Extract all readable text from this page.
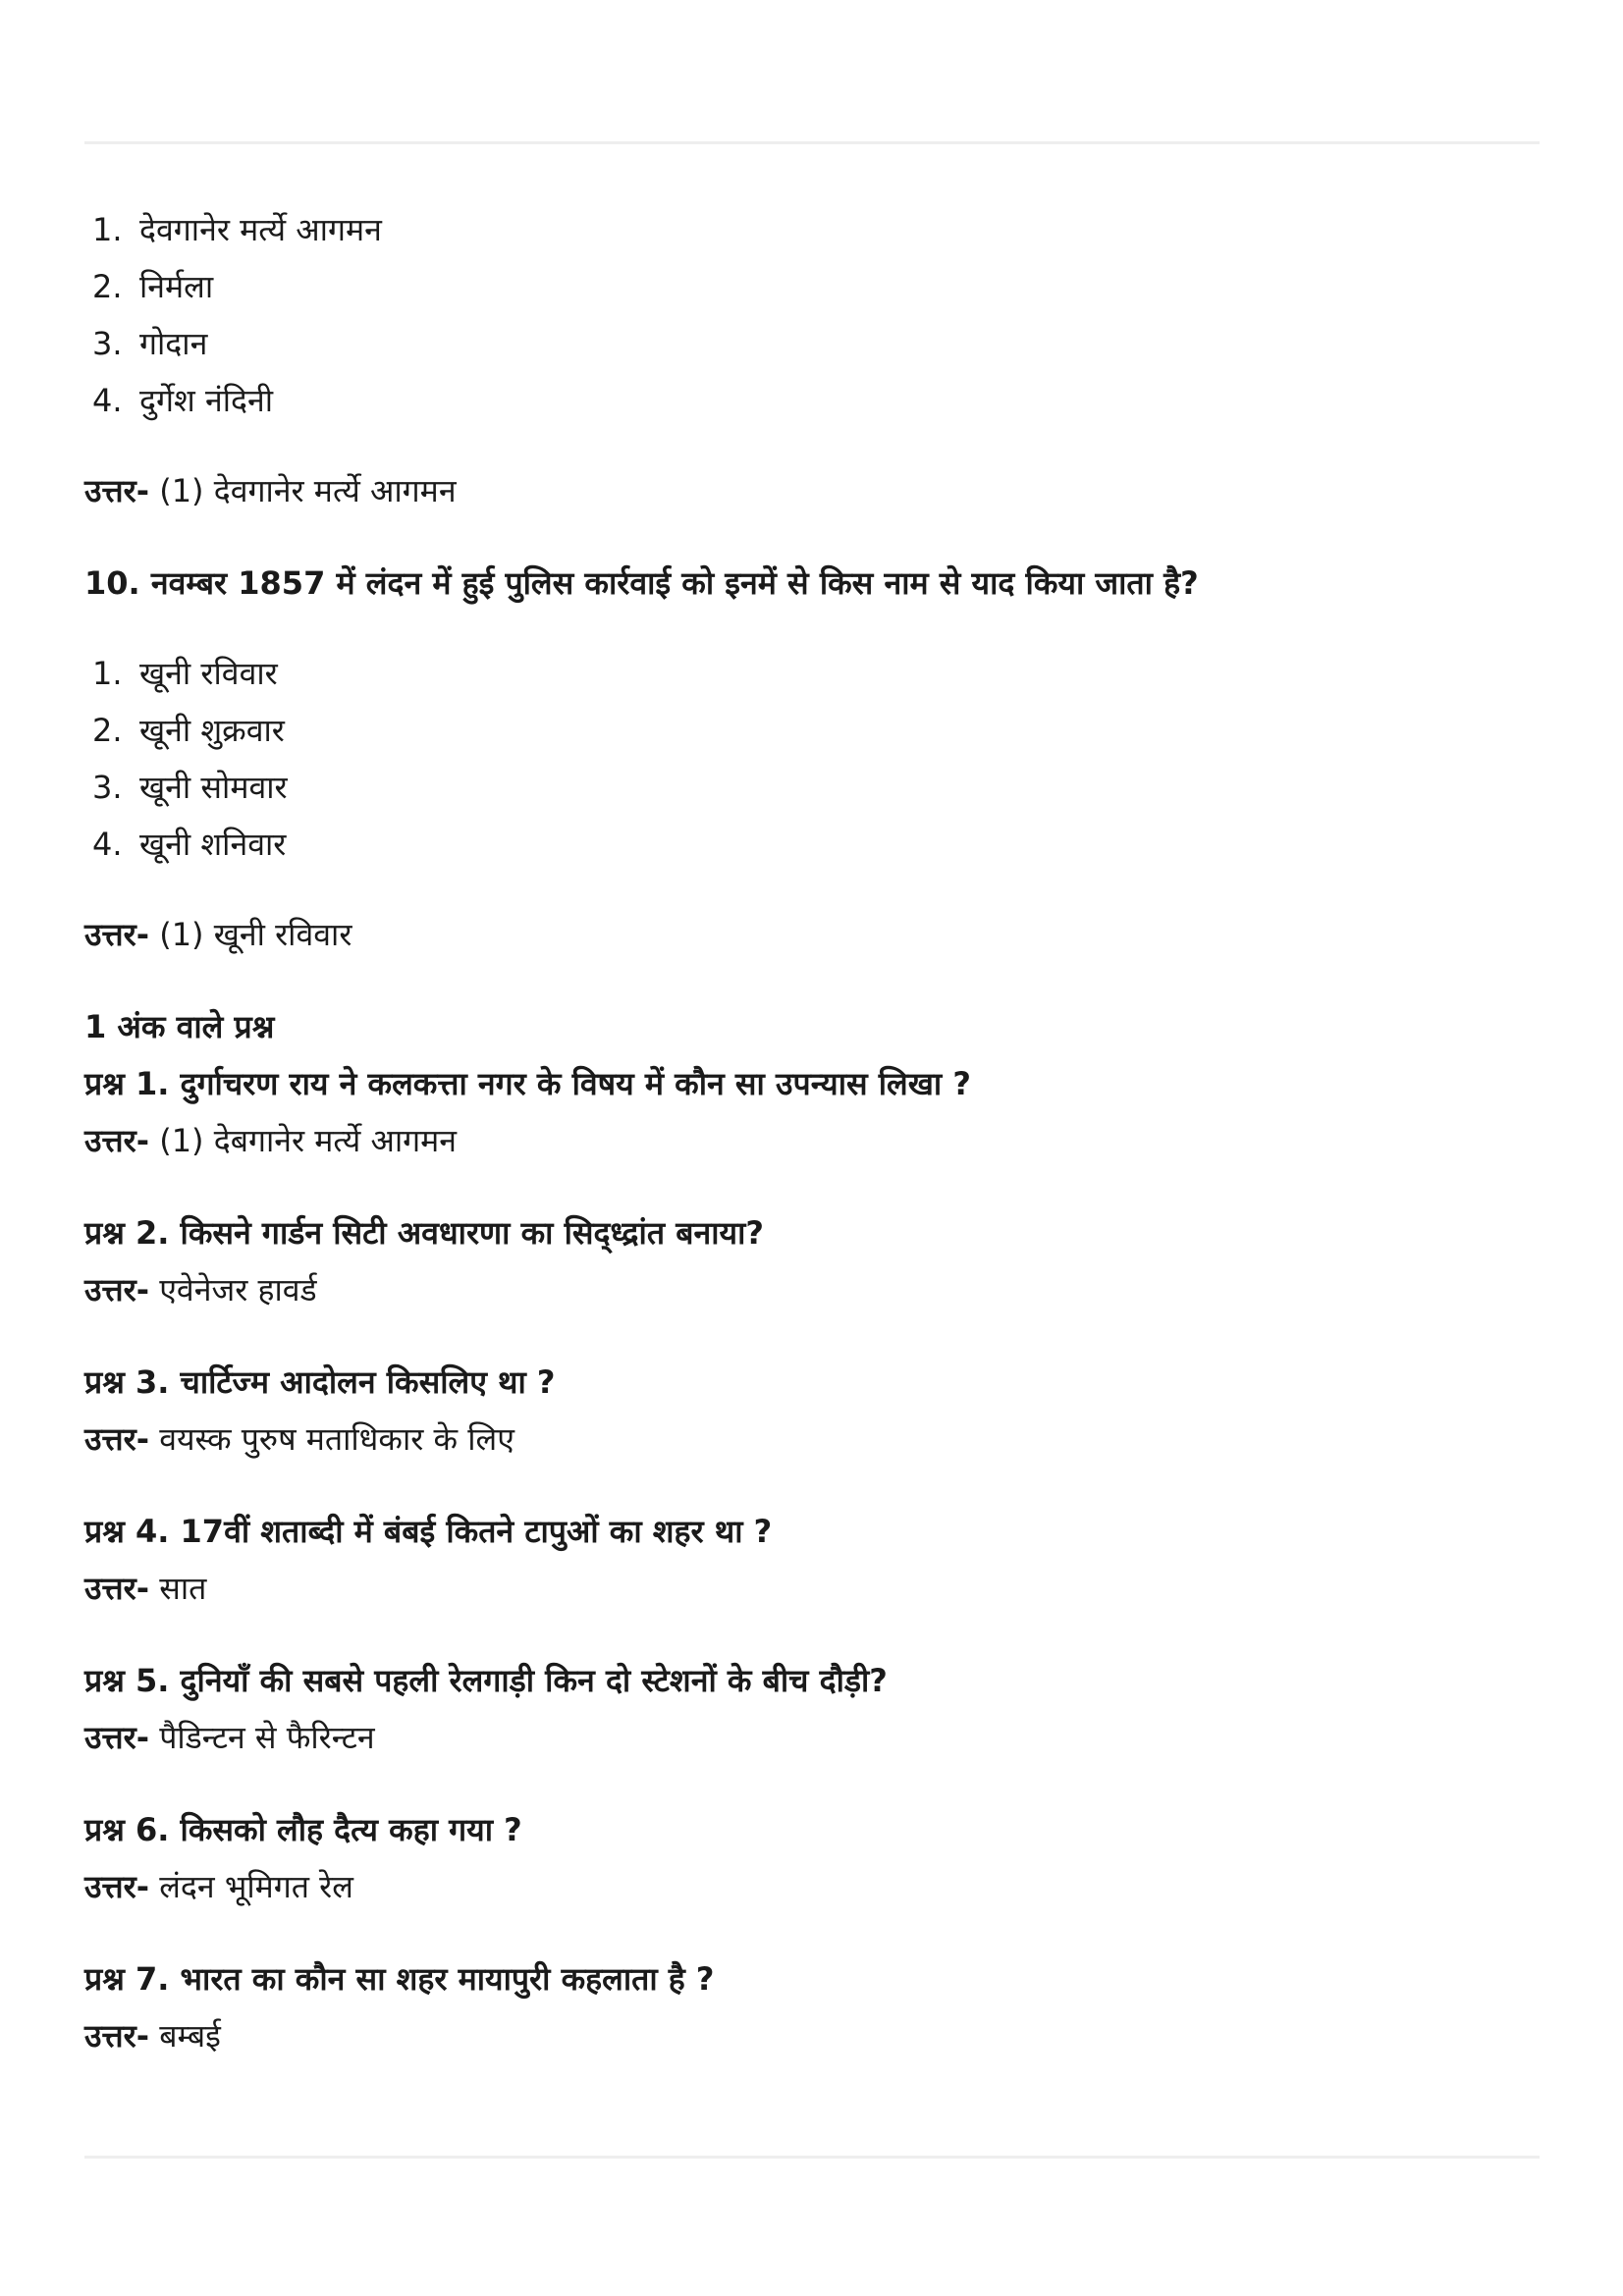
1. देवगानेर मर्त्ये आगमन
2. निर्मला
3. गोदान
4. दुर्गेश नंदिनी
उत्तर- (1) देवगानेर मर्त्ये आगमन
10. नवम्बर 1857 में लंदन में हुई पुलिस कार्रवाई को इनमें से किस नाम से याद किया जाता है?
1. खूनी रविवार
2. खूनी शुक्रवार
3. खूनी सोमवार
4. खूनी शनिवार
उत्तर- (1) खूनी रविवार
1 अंक वाले प्रश्न
प्रश्न 1. दुर्गाचरण राय ने कलकत्ता नगर के विषय में कौन सा उपन्यास लिखा ?
उत्तर- (1) देबगानेर मर्त्ये आगमन
प्रश्न 2. किसने गार्डन सिटी अवधारणा का सिद्ध्द्रांत बनाया?
उत्तर- एवेनेजर हावर्ड
प्रश्न 3. चार्टिज्म आदोलन किसलिए था ?
उत्तर- वयस्क पुरुष मताधिकार के लिए
प्रश्न 4. 17वीं शताब्दी में बंबई कितने टापुओं का शहर था ?
उत्तर- सात
प्रश्न 5. दुनियाँ की सबसे पहली रेलगाड़ी किन दो स्टेशनों के बीच दौड़ी?
उत्तर- पैडिन्टन से फैरिन्टन
प्रश्न 6. किसको लौह दैत्य कहा गया ?
उत्तर- लंदन भूमिगत रेल
प्रश्न 7. भारत का कौन सा शहर मायापुरी कहलाता है ?
उत्तर- बम्बई
